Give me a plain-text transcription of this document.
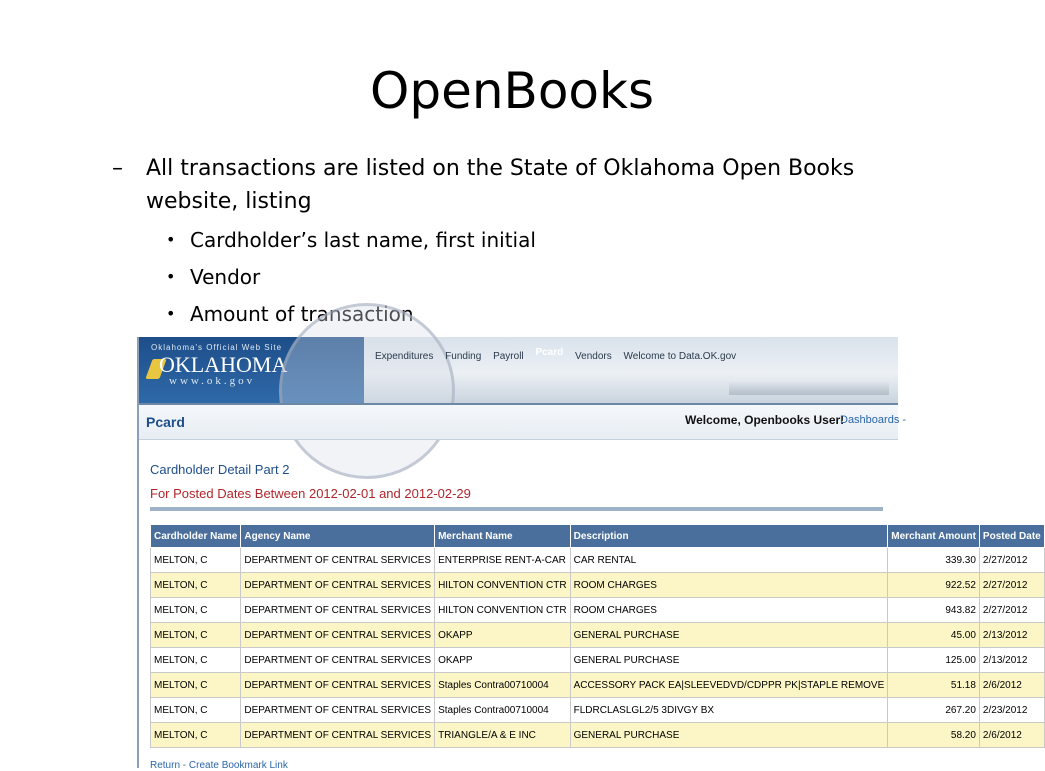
OpenBooks
– All transactions are listed on the State of Oklahoma Open Books website, listing
• Cardholder’s last name, first initial
• Vendor
• Amount of transaction
Oklahoma's Official Web Site
OKLAHOMA
www.ok.gov
Expenditures Funding Payroll Pcard Vendors Welcome to Data.OK.gov
Pcard	Welcome, Openbooks User!
Dashboards -
Cardholder Detail Part 2
For Posted Dates Between 2012-02-01 and 2012-02-29
Cardholder Name	Agency Name	Merchant Name	Description	Merchant Amount	Posted Date
MELTON, C	DEPARTMENT OF CENTRAL SERVICES	ENTERPRISE RENT-A-CAR	CAR RENTAL	339.30	2/27/2012
MELTON, C	DEPARTMENT OF CENTRAL SERVICES	HILTON CONVENTION CTR	ROOM CHARGES	922.52	2/27/2012
MELTON, C	DEPARTMENT OF CENTRAL SERVICES	HILTON CONVENTION CTR	ROOM CHARGES	943.82	2/27/2012
MELTON, C	DEPARTMENT OF CENTRAL SERVICES	OKAPP	GENERAL PURCHASE	45.00	2/13/2012
MELTON, C	DEPARTMENT OF CENTRAL SERVICES	OKAPP	GENERAL PURCHASE	125.00	2/13/2012
MELTON, C	DEPARTMENT OF CENTRAL SERVICES	Staples Contra00710004	ACCESSORY PACK EA|SLEEVEDVD/CDPPR PK|STAPLE REMOVE	51.18	2/6/2012
MELTON, C	DEPARTMENT OF CENTRAL SERVICES	Staples Contra00710004	FLDRCLASLGL2/5 3DIVGY BX	267.20	2/23/2012
MELTON, C	DEPARTMENT OF CENTRAL SERVICES	TRIANGLE/A & E INC	GENERAL PURCHASE	58.20	2/6/2012
Return - Create Bookmark Link
